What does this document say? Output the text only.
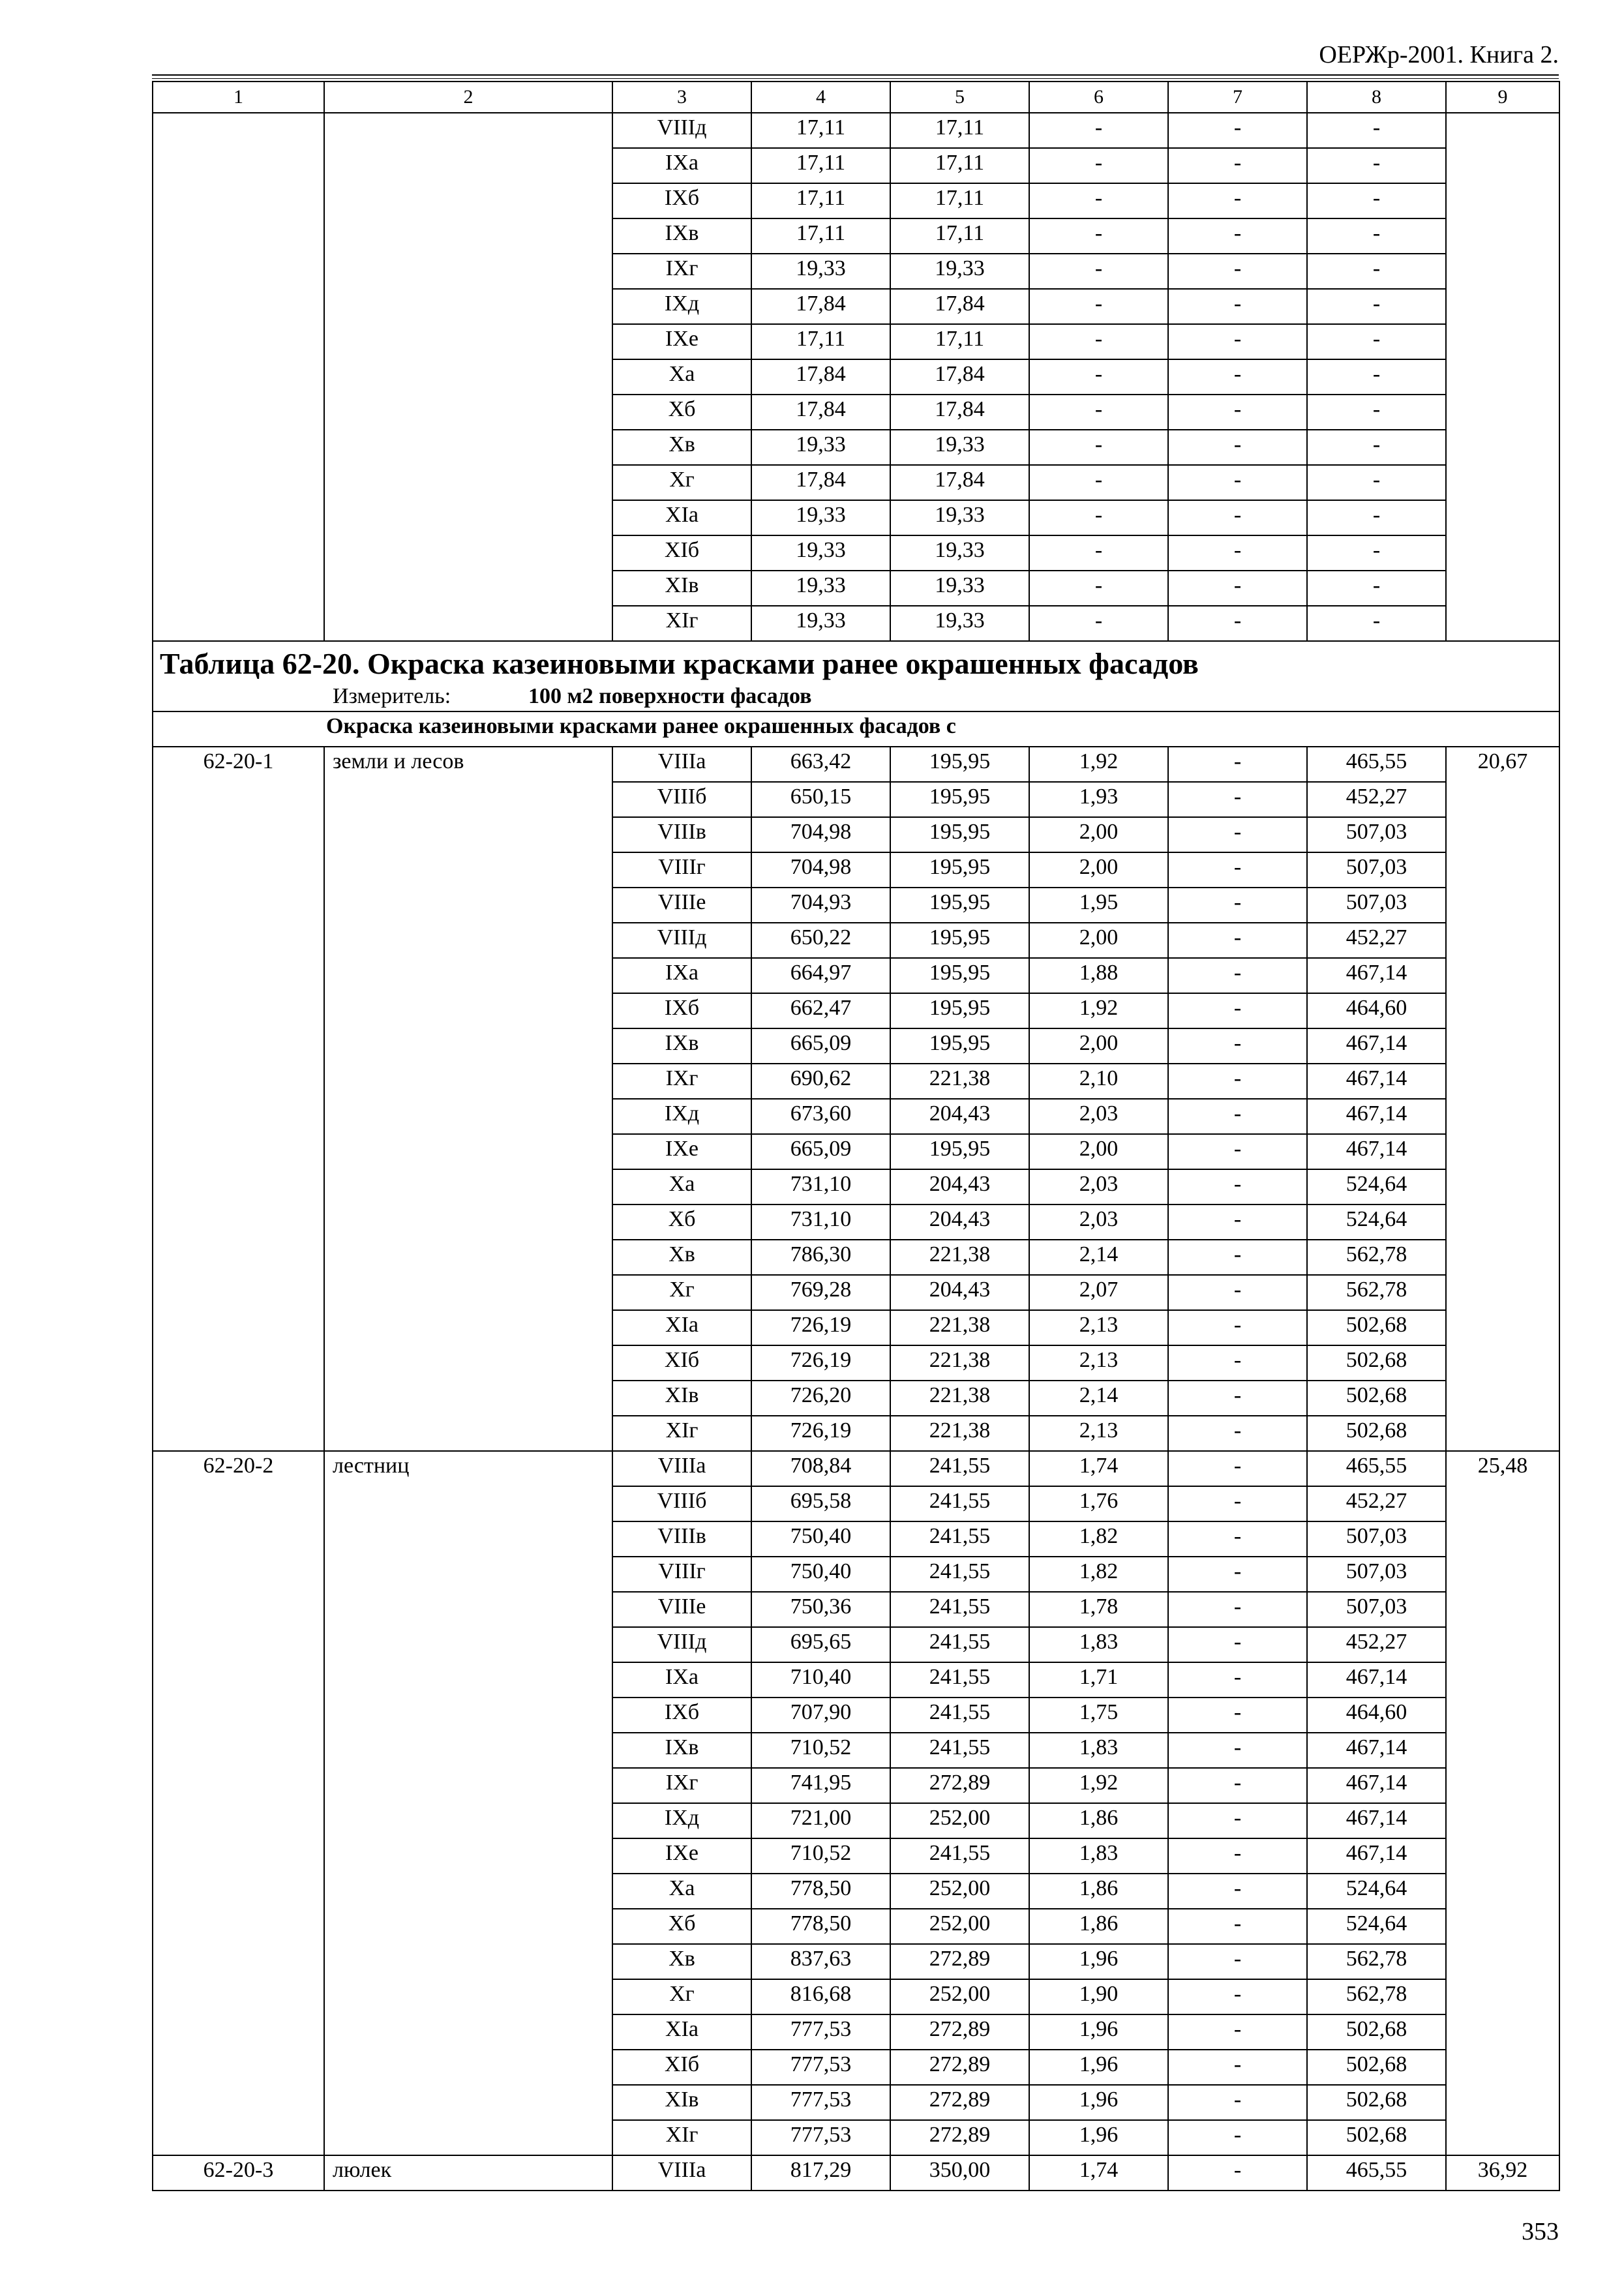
ОЕРЖр-2001. Книга 2.
1	2	3	4	5	6	7	8	9
		VIIIд	17,11	17,11	-	-	-	
		IXа	17,11	17,11	-	-	-	
		IXб	17,11	17,11	-	-	-	
		IXв	17,11	17,11	-	-	-	
		IXг	19,33	19,33	-	-	-	
		IXд	17,84	17,84	-	-	-	
		IXе	17,11	17,11	-	-	-	
		Xа	17,84	17,84	-	-	-	
		Xб	17,84	17,84	-	-	-	
		Xв	19,33	19,33	-	-	-	
		Xг	17,84	17,84	-	-	-	
		XIа	19,33	19,33	-	-	-	
		XIб	19,33	19,33	-	-	-	
		XIв	19,33	19,33	-	-	-	
		XIг	19,33	19,33	-	-	-	

Таблица 62-20. Окраска казеиновыми красками ранее окрашенных фасадов
Измеритель: 100 м2 поверхности фасадов								

Окраска казеиновыми красками ранее окрашенных фасадов с								
62-20-1	земли и лесов	VIIIа	663,42	195,95	1,92	-	465,55	20,67
		VIIIб	650,15	195,95	1,93	-	452,27	
		VIIIв	704,98	195,95	2,00	-	507,03	
		VIIIг	704,98	195,95	2,00	-	507,03	
		VIIIе	704,93	195,95	1,95	-	507,03	
		VIIIд	650,22	195,95	2,00	-	452,27	
		IXа	664,97	195,95	1,88	-	467,14	
		IXб	662,47	195,95	1,92	-	464,60	
		IXв	665,09	195,95	2,00	-	467,14	
		IXг	690,62	221,38	2,10	-	467,14	
		IXд	673,60	204,43	2,03	-	467,14	
		IXе	665,09	195,95	2,00	-	467,14	
		Xа	731,10	204,43	2,03	-	524,64	
		Xб	731,10	204,43	2,03	-	524,64	
		Xв	786,30	221,38	2,14	-	562,78	
		Xг	769,28	204,43	2,07	-	562,78	
		XIа	726,19	221,38	2,13	-	502,68	
		XIб	726,19	221,38	2,13	-	502,68	
		XIв	726,20	221,38	2,14	-	502,68	
		XIг	726,19	221,38	2,13	-	502,68	
62-20-2	лестниц	VIIIа	708,84	241,55	1,74	-	465,55	25,48
		VIIIб	695,58	241,55	1,76	-	452,27	
		VIIIв	750,40	241,55	1,82	-	507,03	
		VIIIг	750,40	241,55	1,82	-	507,03	
		VIIIе	750,36	241,55	1,78	-	507,03	
		VIIIд	695,65	241,55	1,83	-	452,27	
		IXа	710,40	241,55	1,71	-	467,14	
		IXб	707,90	241,55	1,75	-	464,60	
		IXв	710,52	241,55	1,83	-	467,14	
		IXг	741,95	272,89	1,92	-	467,14	
		IXд	721,00	252,00	1,86	-	467,14	
		IXе	710,52	241,55	1,83	-	467,14	
		Xа	778,50	252,00	1,86	-	524,64	
		Xб	778,50	252,00	1,86	-	524,64	
		Xв	837,63	272,89	1,96	-	562,78	
		Xг	816,68	252,00	1,90	-	562,78	
		XIа	777,53	272,89	1,96	-	502,68	
		XIб	777,53	272,89	1,96	-	502,68	
		XIв	777,53	272,89	1,96	-	502,68	
		XIг	777,53	272,89	1,96	-	502,68	
62-20-3	люлек	VIIIа	817,29	350,00	1,74	-	465,55	36,92
353
